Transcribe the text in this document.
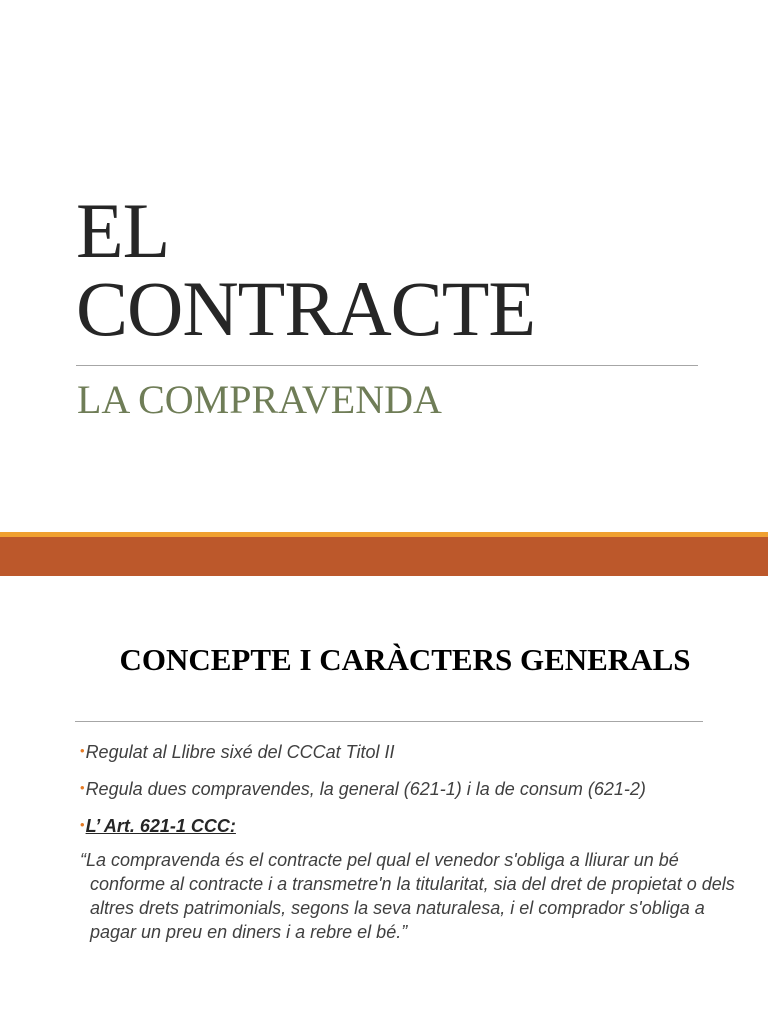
EL
CONTRACTE
LA COMPRAVENDA
CONCEPTE I CARÀCTERS GENERALS
•Regulat al Llibre sixé del CCCat Titol II
•Regula dues compravendes, la general (621-1) i la de consum (621-2)
•L’ Art. 621-1 CCC:

“La compravenda és el contracte pel qual el venedor s'obliga a lliurar un bé conforme al contracte i a transmetre'n la titularitat, sia del dret de propietat o dels altres drets patrimonials, segons la seva naturalesa, i el comprador s'obliga a pagar un preu en diners i a rebre el bé.”
